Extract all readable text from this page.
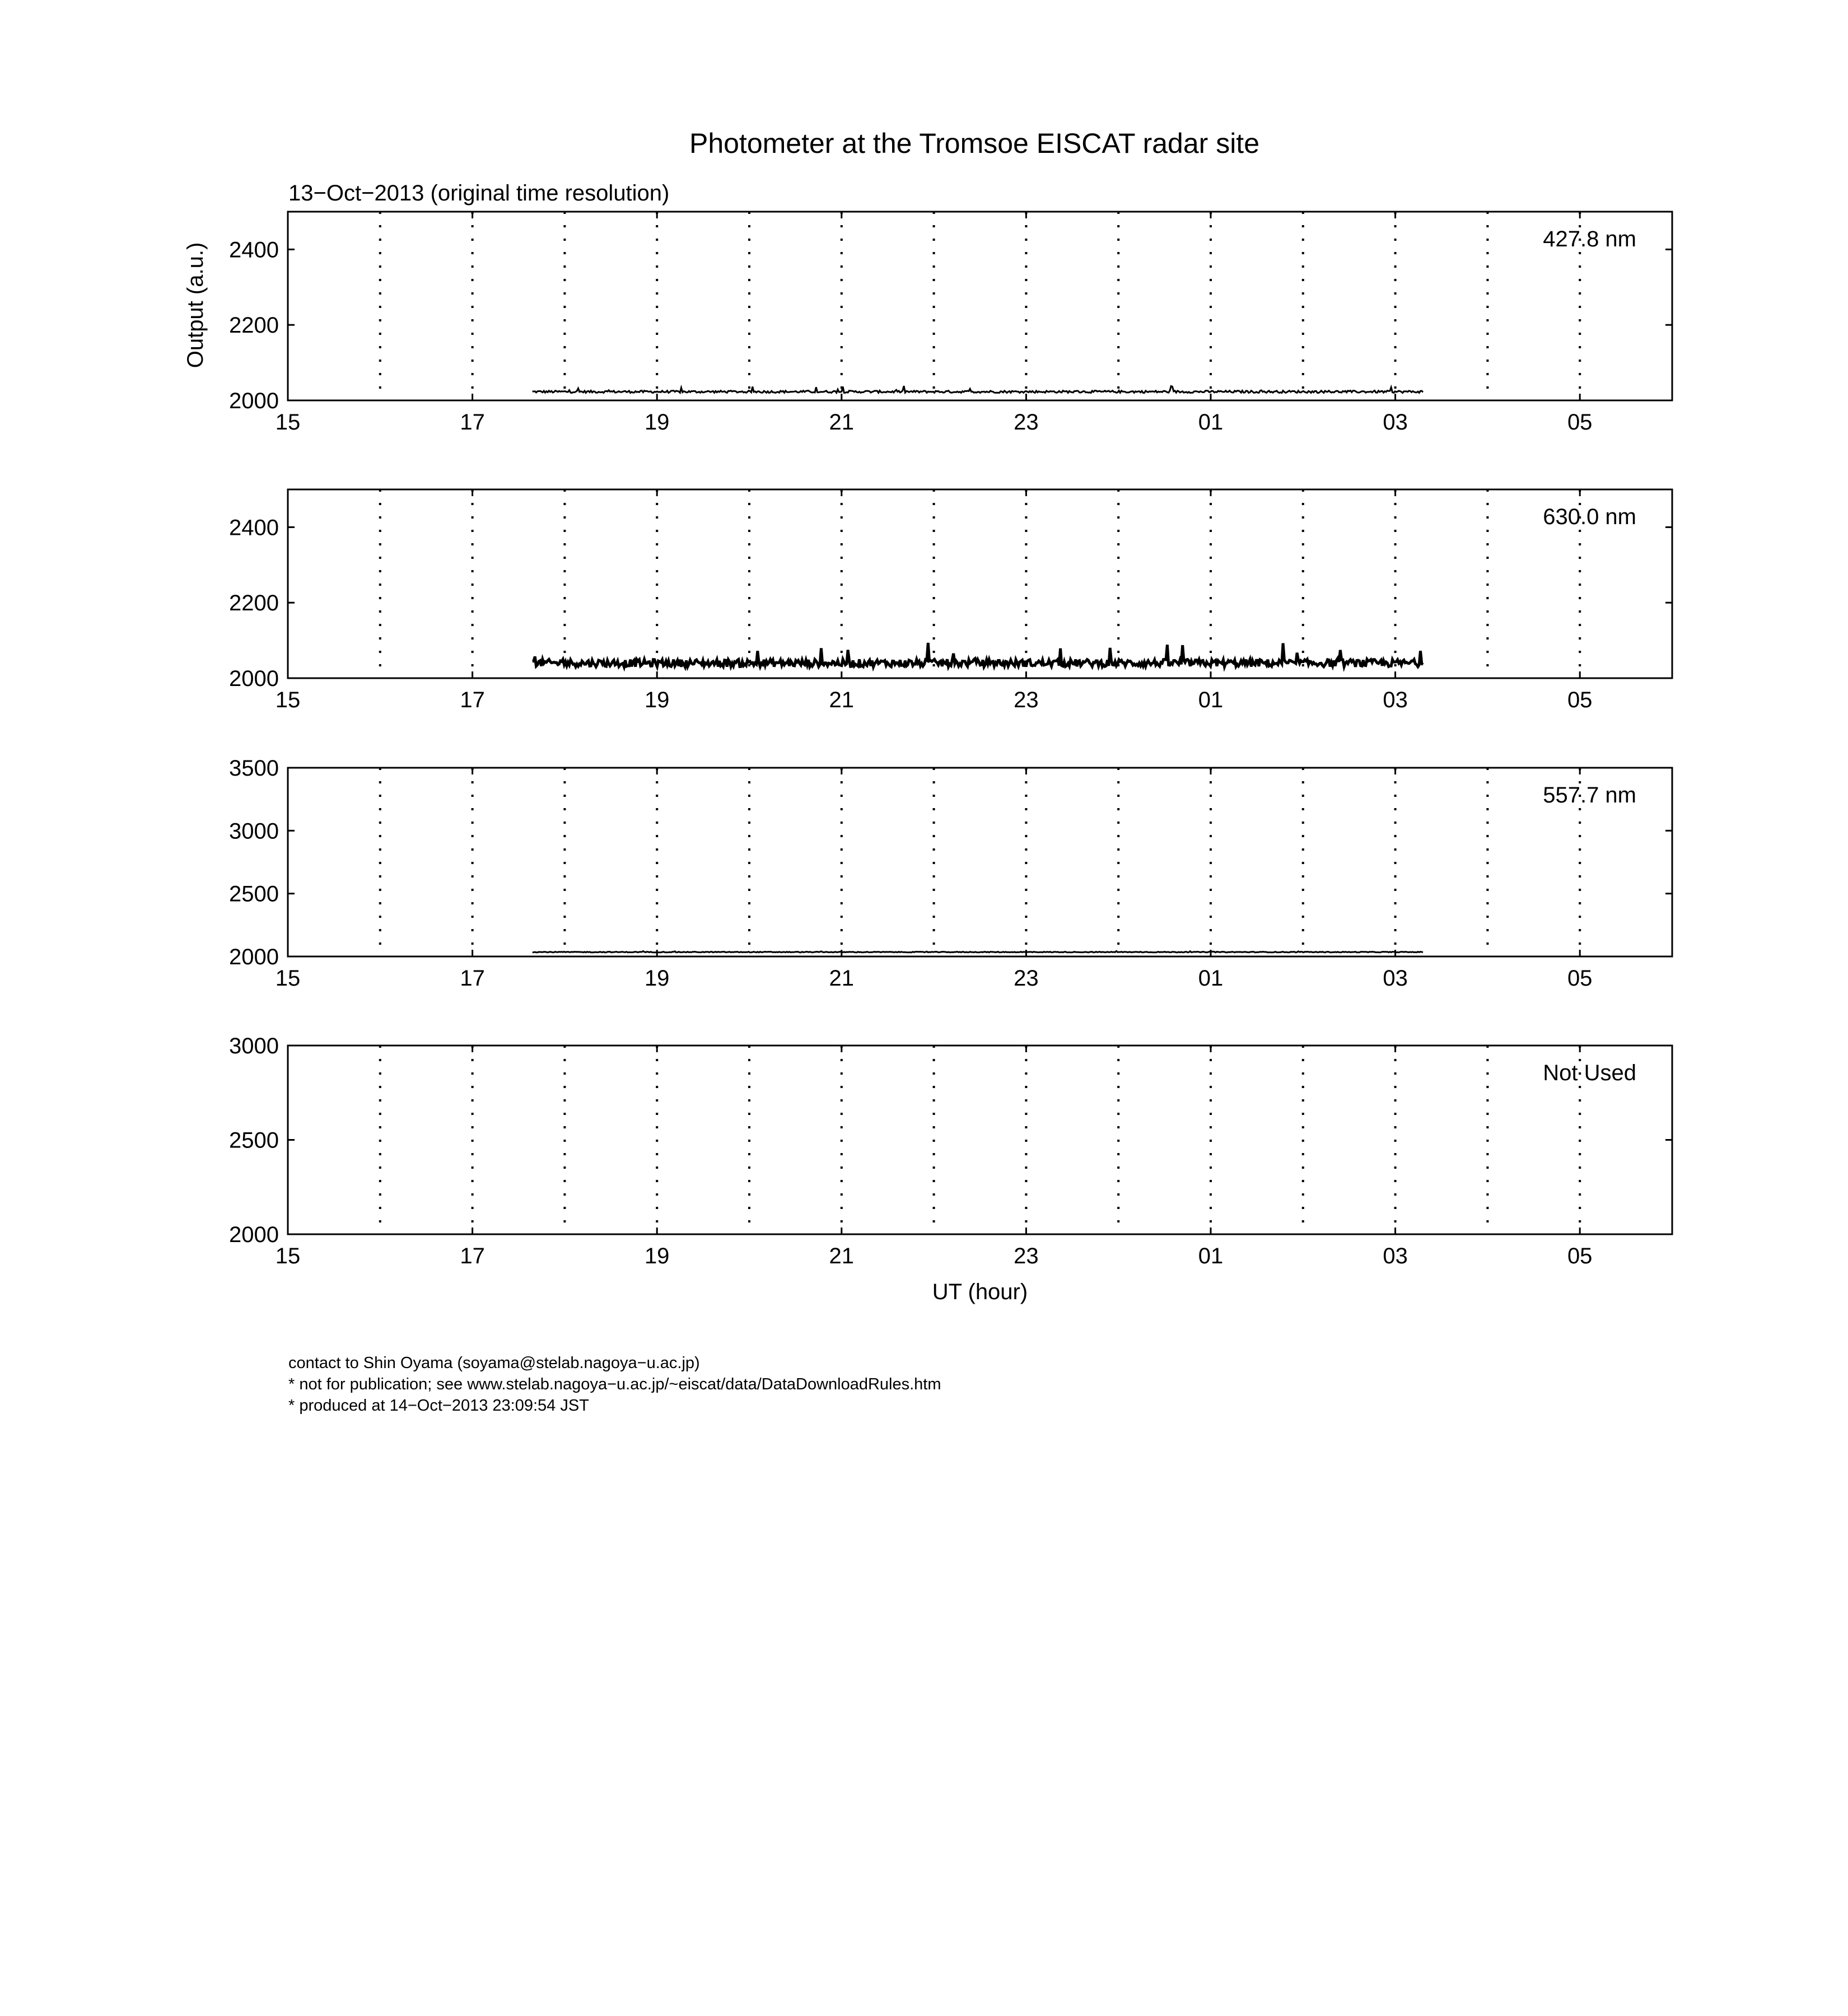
Photometer at the Tromsoe EISCAT radar site
13−Oct−2013 (original time resolution)
Output (a.u.)
UT (hour)
15	17	19	21	23	01	03	05
2000
2200
2400	427.8 nm
15	17	19	21	23	01	03	05
2000
2200
2400	630.0 nm
15	17	19	21	23	01	03	05
2000
2500
3000
3500
557.7 nm
15	17	19	21	23	01	03	05
2000
2500
3000
Not Used
contact to Shin Oyama (soyama@stelab.nagoya−u.ac.jp)
* not for publication; see www.stelab.nagoya−u.ac.jp/~eiscat/data/DataDownloadRules.htm
* produced at 14−Oct−2013 23:09:54 JST
